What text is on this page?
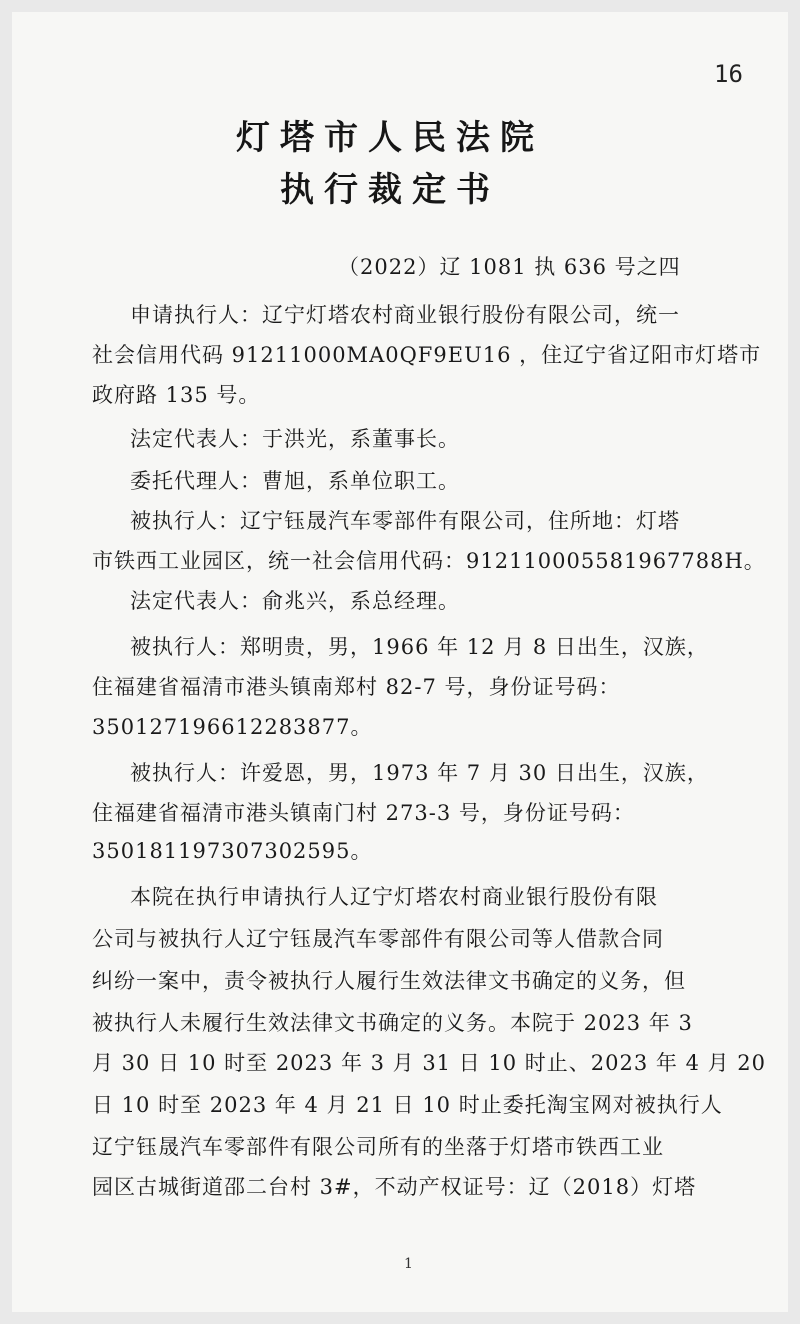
16
灯塔市人民法院
执行裁定书
（2022）辽 1081 执 636 号之四
申请执行人：辽宁灯塔农村商业银行股份有限公司，统一
社会信用代码 91211000MA0QF9EU16 ，住辽宁省辽阳市灯塔市
政府路 135 号。
法定代表人：于洪光，系董事长。
委托代理人：曹旭，系单位职工。
被执行人：辽宁钰晟汽车零部件有限公司，住所地：灯塔
市铁西工业园区，统一社会信用代码：912110005581967788H。
法定代表人：俞兆兴，系总经理。
被执行人：郑明贵，男，1966 年 12 月 8 日出生，汉族，
住福建省福清市港头镇南郑村 82-7 号，身份证号码：
350127196612283877。
被执行人：许爱恩，男，1973 年 7 月 30 日出生，汉族，
住福建省福清市港头镇南门村 273-3 号，身份证号码：
350181197307302595。
本院在执行申请执行人辽宁灯塔农村商业银行股份有限
公司与被执行人辽宁钰晟汽车零部件有限公司等人借款合同
纠纷一案中，责令被执行人履行生效法律文书确定的义务，但
被执行人未履行生效法律文书确定的义务。本院于 2023 年 3
月 30 日 10 时至 2023 年 3 月 31 日 10 时止、2023 年 4 月 20
日 10 时至 2023 年 4 月 21 日 10 时止委托淘宝网对被执行人
辽宁钰晟汽车零部件有限公司所有的坐落于灯塔市铁西工业
园区古城街道邵二台村 3#，不动产权证号：辽（2018）灯塔
1
